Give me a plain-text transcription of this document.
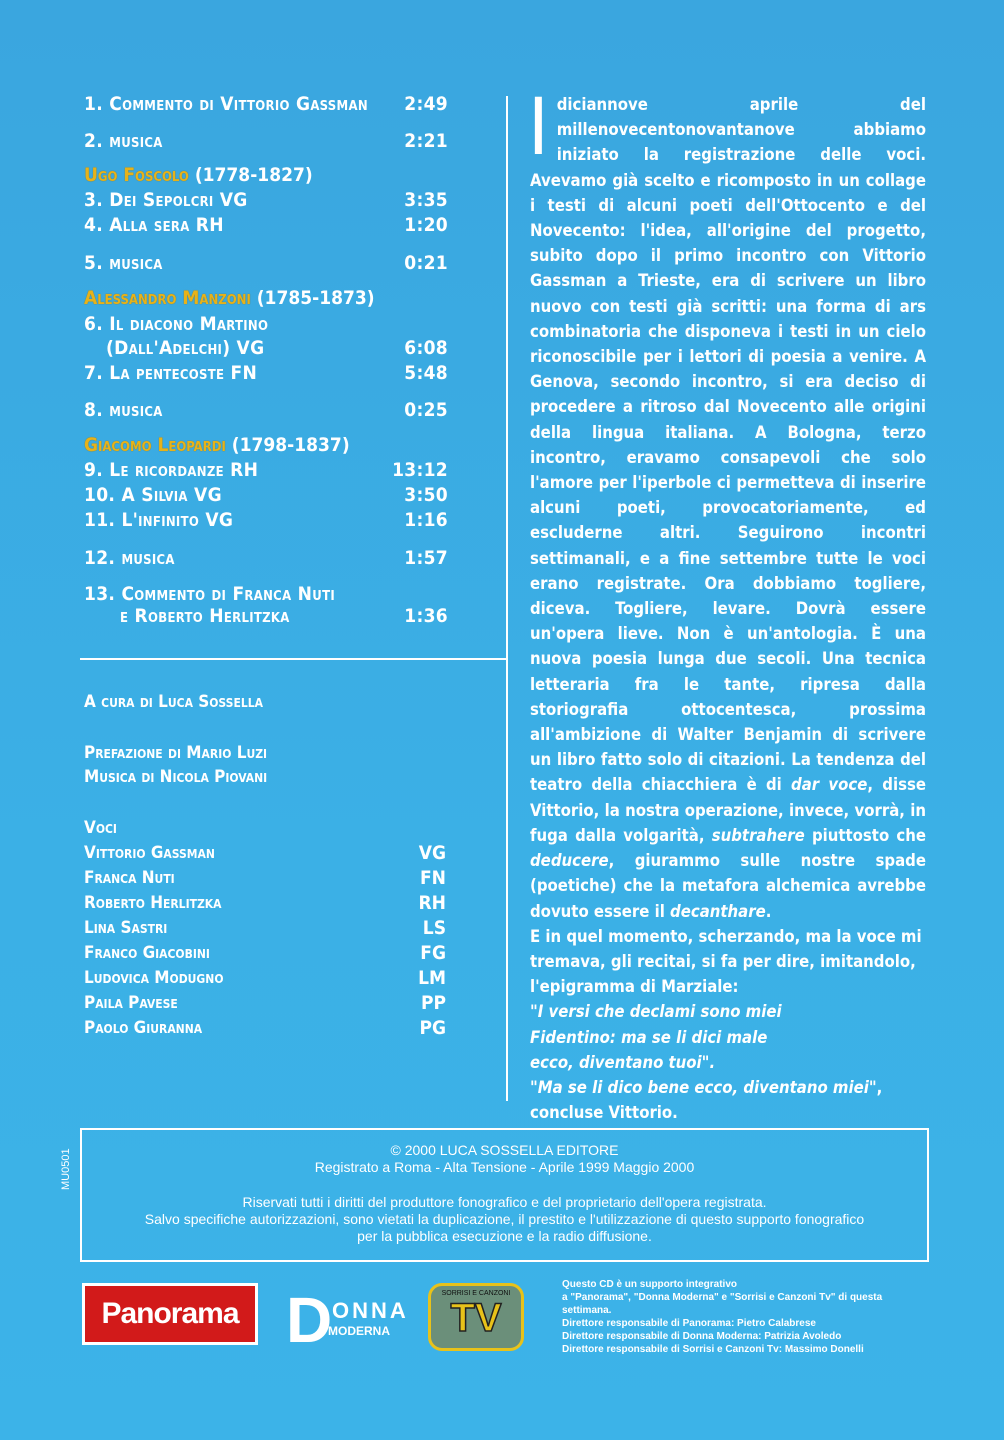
1. Commento di Vittorio Gassman 2:49
2. musica	2:21
Ugo Foscolo (1778-1827)
3. Dei Sepolcri VG	3:35
4. Alla sera RH	1:20
5. musica	0:21
Alessandro Manzoni (1785-1873)
6. Il diacono Martino
(Dall'Adelchi) VG	6:08
7. La pentecoste FN	5:48
8. musica	0:25
Giacomo Leopardi (1798-1837)
9. Le ricordanze RH	13:12
10. A Silvia VG	3:50
11. L'infinito VG	1:16
12. musica	1:57
13. Commento di Franca Nuti
e Roberto Herlitzka	1:36
A cura di Luca Sossella
Prefazione di Mario Luzi
Musica di Nicola Piovani
Voci
Vittorio Gassman	VG
Franca Nuti	FN
Roberto Herlitzka	RH
Lina Sastri	LS
Franco Giacobini	FG
Ludovica Modugno	LM
Paila Pavese	PP
Paolo Giuranna	PG

I diciannove aprile del millenovecentonovantanove abbiamo iniziato la registrazione delle voci. Avevamo già scelto e ricomposto in un collage i testi di alcuni poeti dell'Ottocento e del Novecento: l'idea, all'origine del progetto, subito dopo il primo incontro con Vittorio Gassman a Trieste, era di scrivere un libro nuovo con testi già scritti: una forma di ars combinatoria che disponeva i testi in un cielo riconoscibile per i lettori di poesia a venire. A Genova, secondo incontro, si era deciso di procedere a ritroso dal Novecento alle origini della lingua italiana. A Bologna, terzo incontro, eravamo consapevoli che solo l'amore per l'iperbole ci permetteva di inserire alcuni poeti, provocatoriamente, ed escluderne altri. Seguirono incontri settimanali, e a fine settembre tutte le voci erano registrate. Ora dobbiamo togliere, diceva. Togliere, levare. Dovrà essere un'opera lieve. Non è un'antologia. È una nuova poesia lunga due secoli. Una tecnica letteraria fra le tante, ripresa dalla storiografia ottocentesca, prossima all'ambizione di Walter Benjamin di scrivere un libro fatto solo di citazioni. La tendenza del teatro della chiacchiera è di dar voce, disse Vittorio, la nostra operazione, invece, vorrà, in fuga dalla volgarità, subtrahere piuttosto che deducere, giurammo sulle nostre spade (poetiche) che la metafora alchemica avrebbe dovuto essere il decanthare.

E in quel momento, scherzando, ma la voce mi tremava, gli recitai, si fa per dire, imitandolo, l'epigramma di Marziale:

"I versi che declami sono miei

Fidentino: ma se li dici male

ecco, diventano tuoi".

"Ma se li dico bene ecco, diventano miei",

concluse Vittorio.

MU0501	© 2000 LUCA SOSSELLA EDITORE
Registrato a Roma - Alta Tensione - Aprile 1999 Maggio 2000
Riservati tutti i diritti del produttore fonografico e del proprietario dell'opera registrata.
Salvo specifiche autorizzazioni, sono vietati la duplicazione, il prestito e l'utilizzazione di questo supporto fonografico
per la pubblica esecuzione e la radio diffusione.
Panorama D ONNA
MODERNA
SORRISI E CANZONI
TV
Questo CD è un supporto integrativo
a "Panorama", "Donna Moderna" e "Sorrisi e Canzoni Tv" di questa settimana.
Direttore responsabile di Panorama: Pietro Calabrese
Direttore responsabile di Donna Moderna: Patrizia Avoledo
Direttore responsabile di Sorrisi e Canzoni Tv: Massimo Donelli
